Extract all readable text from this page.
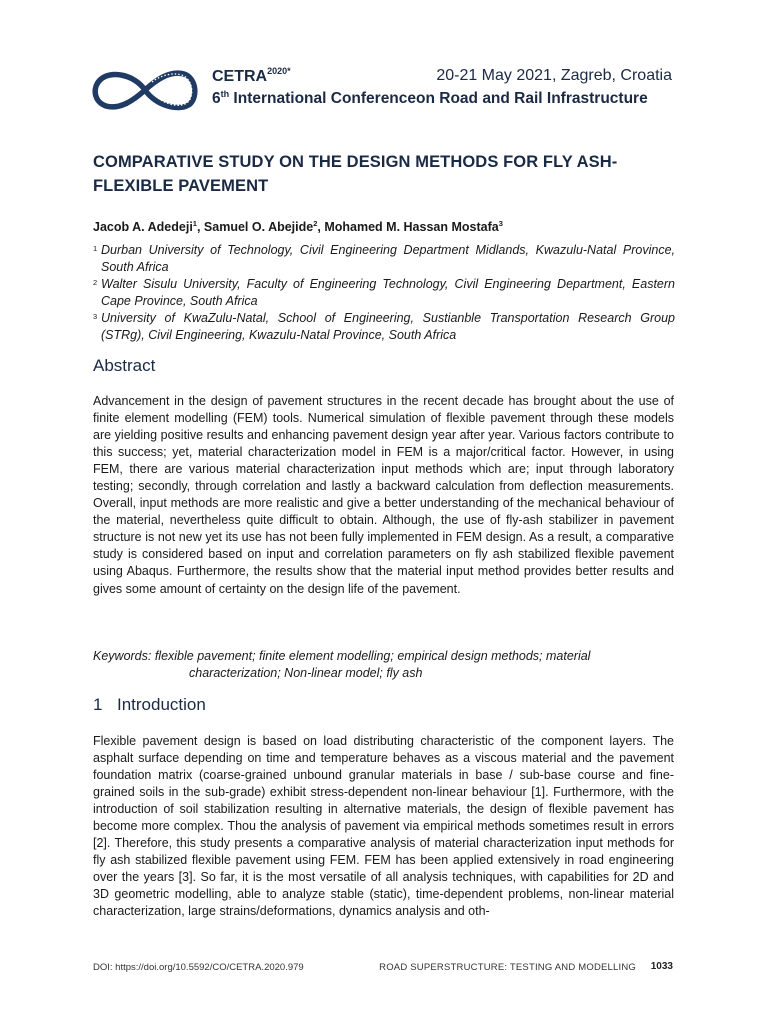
$CETRA^{2020*}$	20-21 May 2021, Zagreb, Croatia
6th International Conferenceon Road and Rail Infrastructure
COMPARATIVE STUDY ON THE DESIGN METHODS FOR FLY ASH-FLEXIBLE PAVEMENT
Jacob A. Adedeji$^1$, Samuel O. Abejide$^2$, Mohamed M. Hassan Mostafa$^3$
1 Durban University of Technology, Civil Engineering Department Midlands, Kwazulu-Natal Province, South Africa
2 Walter Sisulu University, Faculty of Engineering Technology, Civil Engineering Department, Eastern Cape Province, South Africa
3 University of KwaZulu-Natal, School of Engineering, Sustianble Transportation Research Group (STRg), Civil Engineering, Kwazulu-Natal Province, South Africa
Abstract

Advancement in the design of pavement structures in the recent decade has brought about the use of finite element modelling (FEM) tools. Numerical simulation of flexible pavement through these models are yielding positive results and enhancing pavement design year after year. Various factors contribute to this success; yet, material characterization model in FEM is a major/critical factor. However, in using FEM, there are various material characterization input methods which are; input through laboratory testing; secondly, through correlation and lastly a backward calculation from deflection measurements. Overall, input methods are more realistic and give a better understanding of the mechanical behaviour of the material, nevertheless quite difficult to obtain. Although, the use of fly-ash stabilizer in pavement structure is not new yet its use has not been fully implemented in FEM design. As a result, a comparative study is considered based on input and correlation parameters on fly ash stabilized flexible pavement using Abaqus. Furthermore, the results show that the material input method provides better results and gives some amount of certainty on the design life of the pavement.

Keywords: flexible pavement; finite element modelling; empirical design methods; material
characterization; Non-linear model; fly ash
1 Introduction

Flexible pavement design is based on load distributing characteristic of the component layers. The asphalt surface depending on time and temperature behaves as a viscous material and the pavement foundation matrix (coarse-grained unbound granular materials in base / sub-base course and fine-grained soils in the sub-grade) exhibit stress-dependent non-linear behaviour [1]. Furthermore, with the introduction of soil stabilization resulting in alternative materials, the design of flexible pavement has become more complex. Thou the analysis of pavement via empirical methods sometimes result in errors [2]. Therefore, this study presents a comparative analysis of material characterization input methods for fly ash stabilized flexible pavement using FEM. FEM has been applied extensively in road engineering over the years [3]. So far, it is the most versatile of all analysis techniques, with capabilities for 2D and 3D geometric modelling, able to analyze stable (static), time-dependent problems, non-linear material characterization, large strains/deformations, dynamics analysis and oth-

DOI: https://doi.org/10.5592/CO/CETRA.2020.979	ROAD SUPERSTRUCTURE: TESTING AND MODELLING 1033
